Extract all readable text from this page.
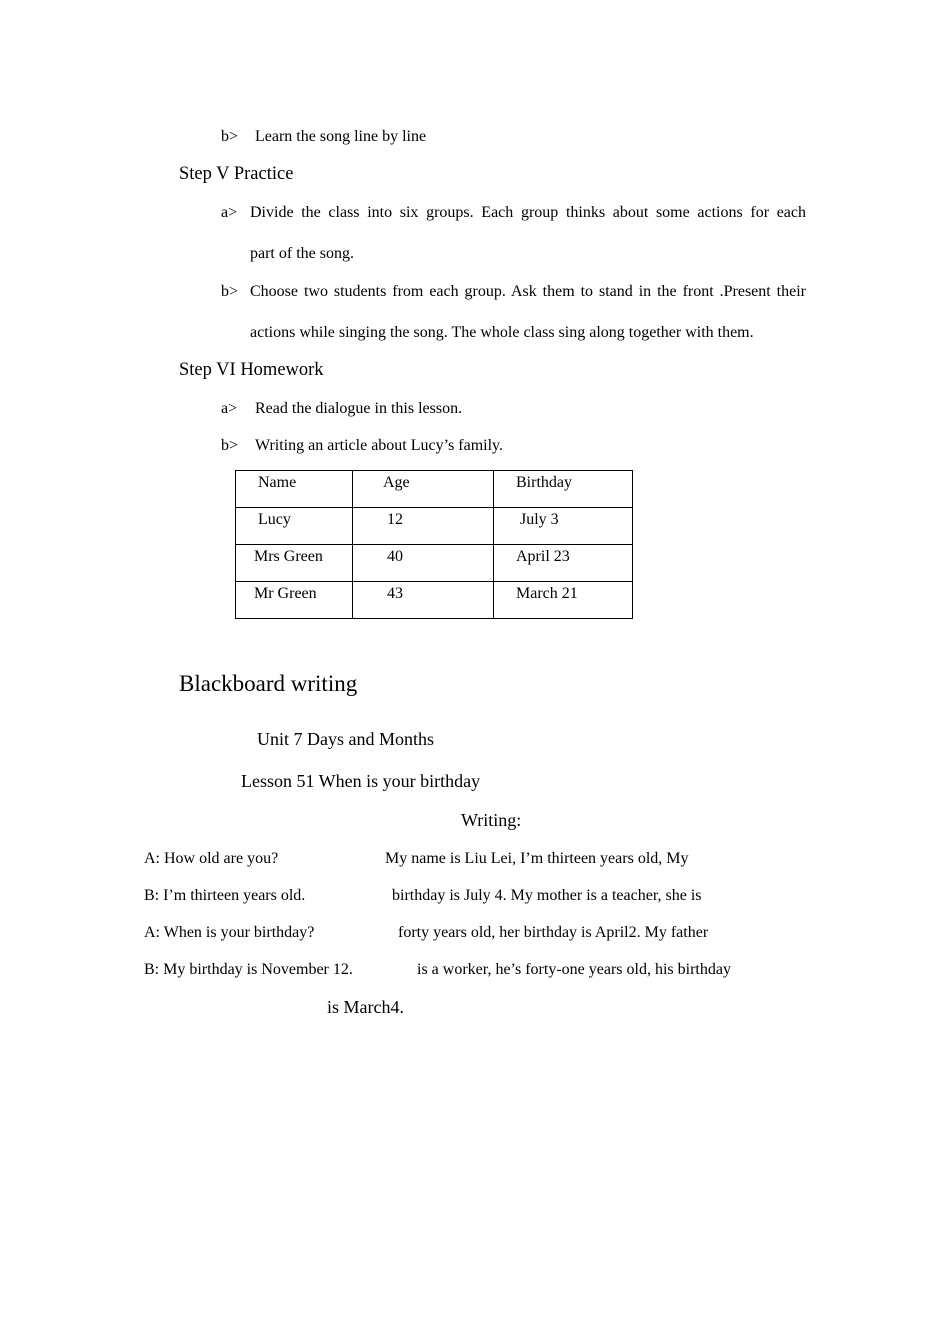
b> Learn the song line by line
Step V Practice
a> Divide the class into six groups. Each group thinks about some actions for each
part of the song.
b> Choose two students from each group. Ask them to stand in the front .Present their
actions while singing the song. The whole class sing along together with them.
Step VI Homework
a> Read the dialogue in this lesson.
b> Writing an article about Lucy’s family.
Name	Age	Birthday
Lucy	12	July 3
Mrs Green	40	April 23
Mr Green	43	March 21
Blackboard writing
Unit 7 Days and Months
Lesson 51 When is your birthday
Writing:
A: How old are you?
B: I’m thirteen years old.
A: When is your birthday?
B: My birthday is November 12.
My name is Liu Lei, I’m thirteen years old, My
birthday is July 4. My mother is a teacher, she is
forty years old, her birthday is April2. My father
is a worker, he’s forty-one years old, his birthday
is March4.
